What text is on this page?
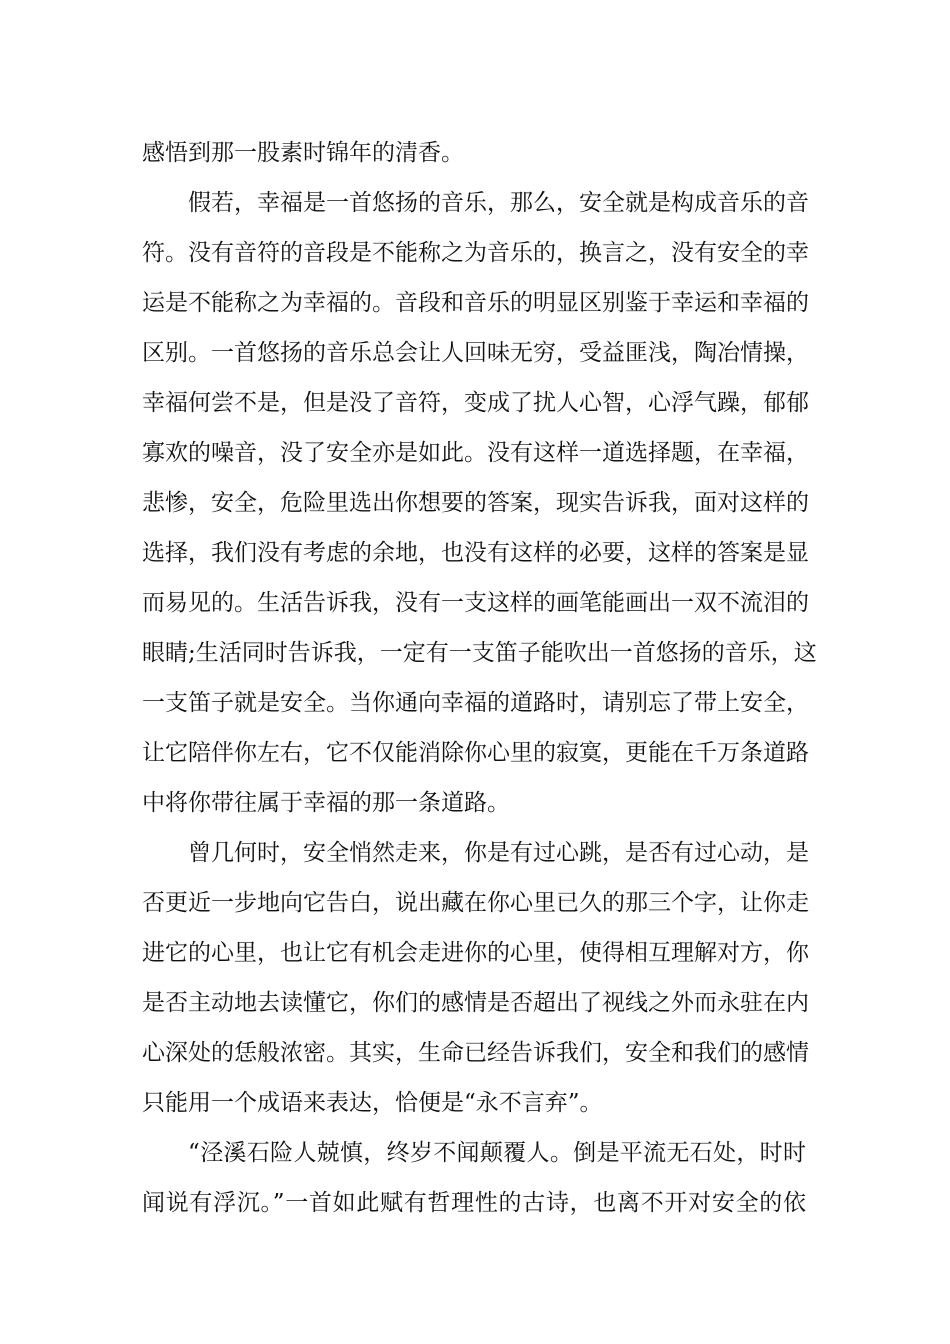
感悟到那一股素时锦年的清香。
假若，幸福是一首悠扬的音乐，那么，安全就是构成音乐的音
符。没有音符的音段是不能称之为音乐的，换言之，没有安全的幸
运是不能称之为幸福的。音段和音乐的明显区别鉴于幸运和幸福的
区别。一首悠扬的音乐总会让人回味无穷，受益匪浅，陶冶情操，
幸福何尝不是，但是没了音符，变成了扰人心智，心浮气躁，郁郁
寡欢的噪音，没了安全亦是如此。没有这样一道选择题，在幸福，
悲惨，安全，危险里选出你想要的答案，现实告诉我，面对这样的
选择，我们没有考虑的余地，也没有这样的必要，这样的答案是显
而易见的。生活告诉我，没有一支这样的画笔能画出一双不流泪的
眼睛;生活同时告诉我，一定有一支笛子能吹出一首悠扬的音乐，这
一支笛子就是安全。当你通向幸福的道路时，请别忘了带上安全，
让它陪伴你左右，它不仅能消除你心里的寂寞，更能在千万条道路
中将你带往属于幸福的那一条道路。
曾几何时，安全悄然走来，你是有过心跳，是否有过心动，是
否更近一步地向它告白，说出藏在你心里已久的那三个字，让你走
进它的心里，也让它有机会走进你的心里，使得相互理解对方，你
是否主动地去读懂它，你们的感情是否超出了视线之外而永驻在内
心深处的恁般浓密。其实，生命已经告诉我们，安全和我们的感情
只能用一个成语来表达，恰便是“永不言弃”。
“泾溪石险人兢慎，终岁不闻颠覆人。倒是平流无石处，时时
闻说有浮沉。”一首如此赋有哲理性的古诗，也离不开对安全的依
